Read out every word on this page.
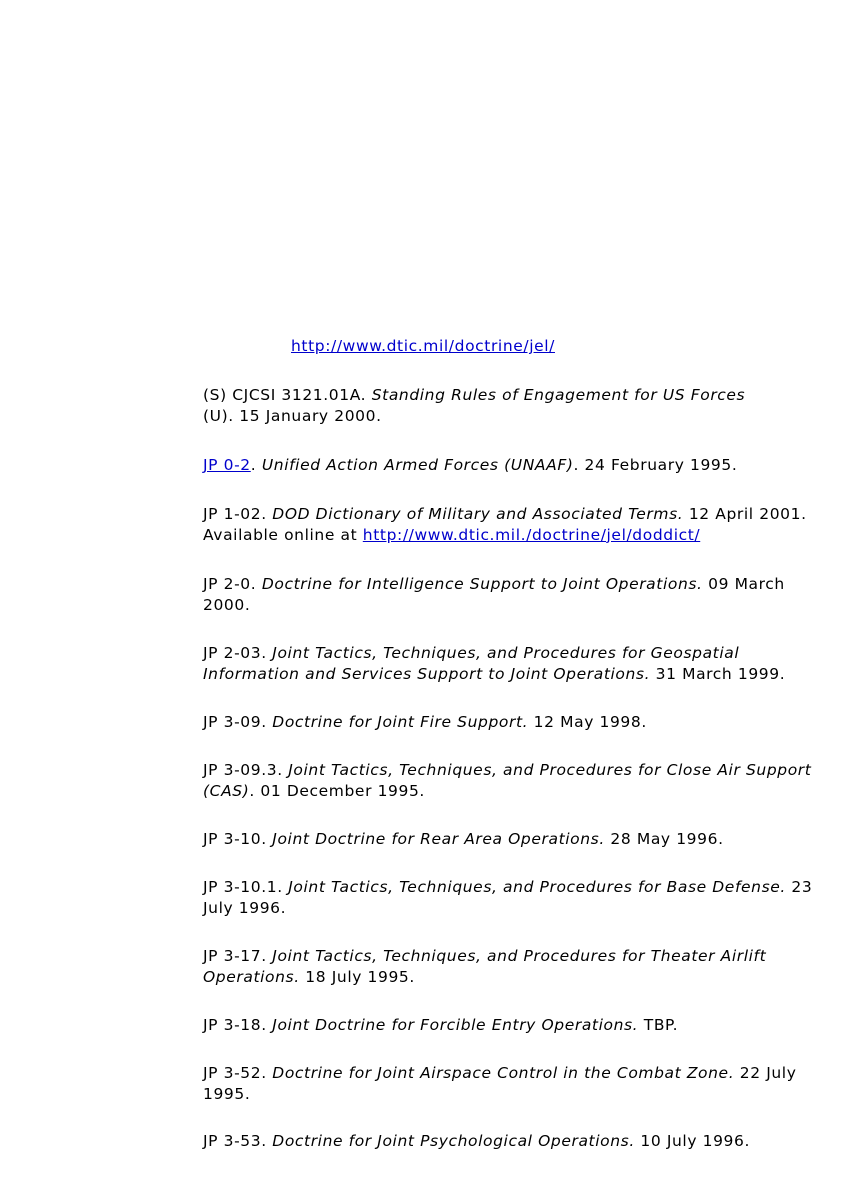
http://www.dtic.mil/doctrine/jel/

(S) CJCSI 3121.01A. Standing Rules of Engagement for US Forces
(U). 15 January 2000.

JP 0-2. Unified Action Armed Forces (UNAAF). 24 February 1995.

JP 1-02. DOD Dictionary of Military and Associated Terms. 12 April 2001. Available online at http://www.dtic.mil./doctrine/jel/doddict/

JP 2-0. Doctrine for Intelligence Support to Joint Operations. 09 March 2000.

JP 2-03. Joint Tactics, Techniques, and Procedures for Geospatial Information and Services Support to Joint Operations. 31 March 1999.

JP 3-09. Doctrine for Joint Fire Support. 12 May 1998.

JP 3-09.3. Joint Tactics, Techniques, and Procedures for Close Air Support (CAS). 01 December 1995.

JP 3-10. Joint Doctrine for Rear Area Operations. 28 May 1996.

JP 3-10.1. Joint Tactics, Techniques, and Procedures for Base Defense. 23 July 1996.

JP 3-17. Joint Tactics, Techniques, and Procedures for Theater Airlift Operations. 18 July 1995.

JP 3-18. Joint Doctrine for Forcible Entry Operations. TBP.

JP 3-52. Doctrine for Joint Airspace Control in the Combat Zone. 22 July 1995.

JP 3-53. Doctrine for Joint Psychological Operations. 10 July 1996.
